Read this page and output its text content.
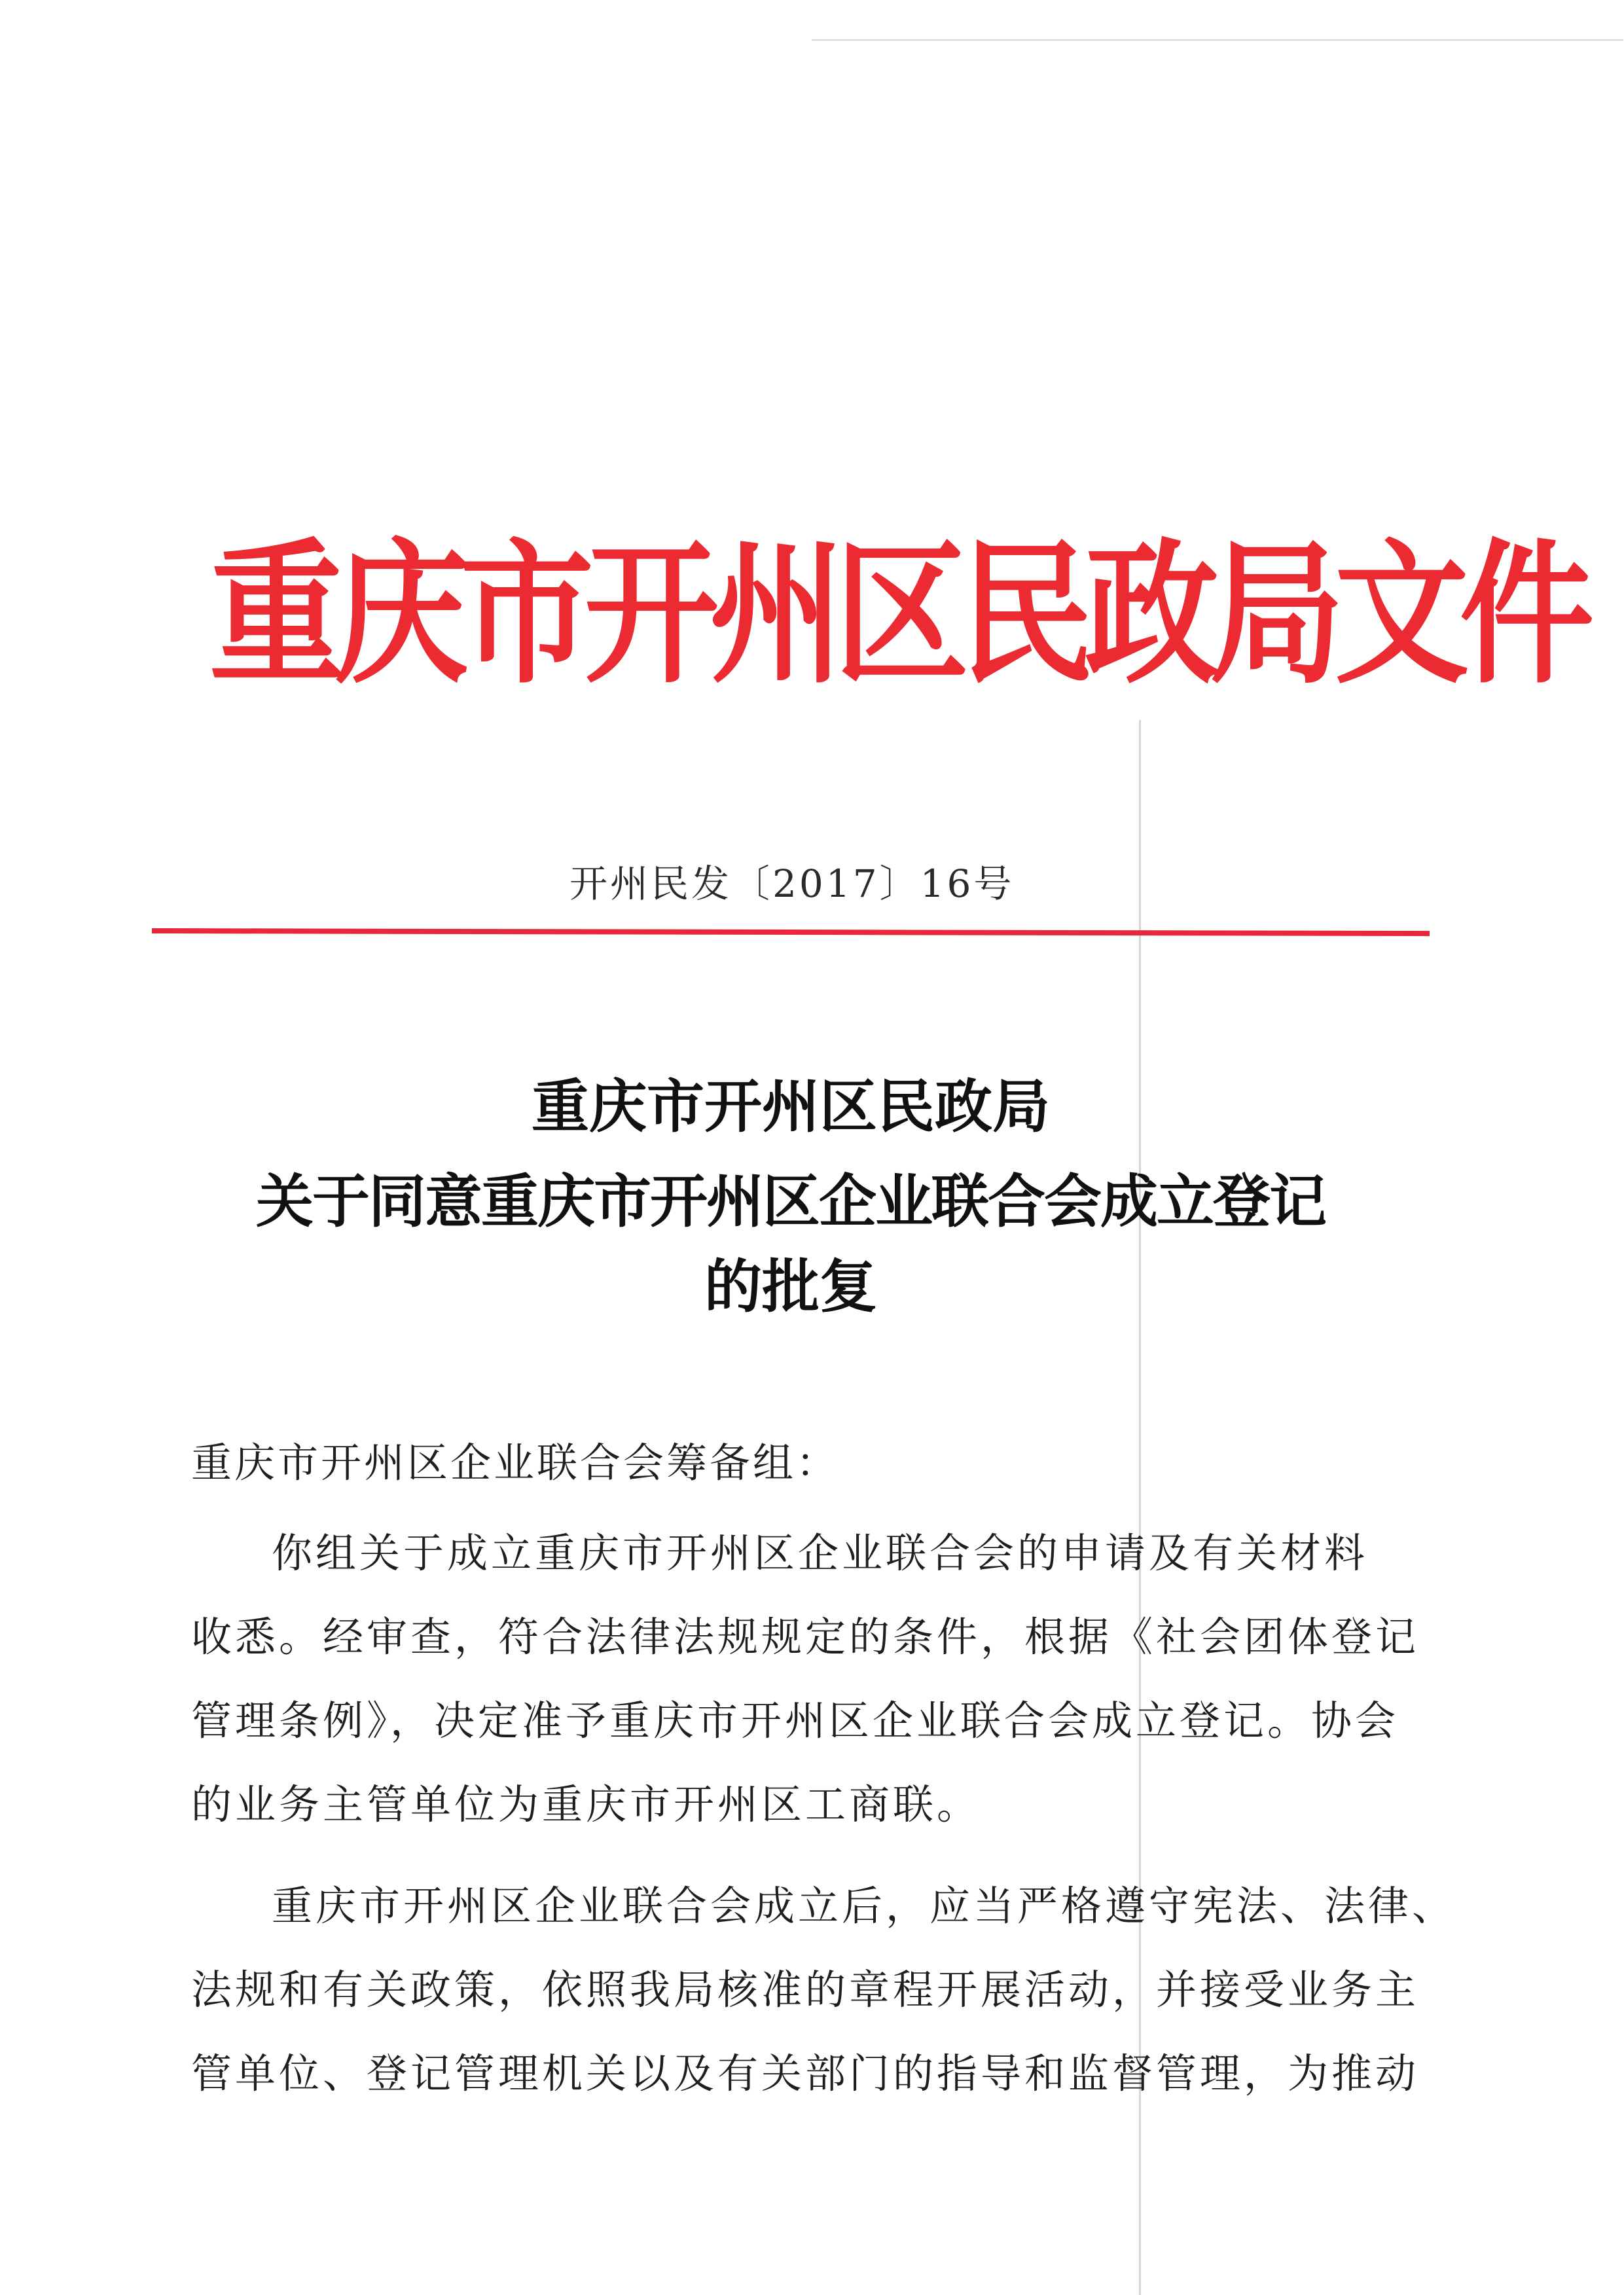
重庆市开州区民政局文件
开州民发〔2017〕16号
重庆市开州区民政局
关于同意重庆市开州区企业联合会成立登记
的批复
重庆市开州区企业联合会筹备组：
你组关于成立重庆市开州区企业联合会的申请及有关材料
收悉。经审查，符合法律法规规定的条件，根据《社会团体登记
管理条例》，决定准予重庆市开州区企业联合会成立登记。协会
的业务主管单位为重庆市开州区工商联。
重庆市开州区企业联合会成立后，应当严格遵守宪法、法律、
法规和有关政策，依照我局核准的章程开展活动，并接受业务主
管单位、登记管理机关以及有关部门的指导和监督管理，为推动
